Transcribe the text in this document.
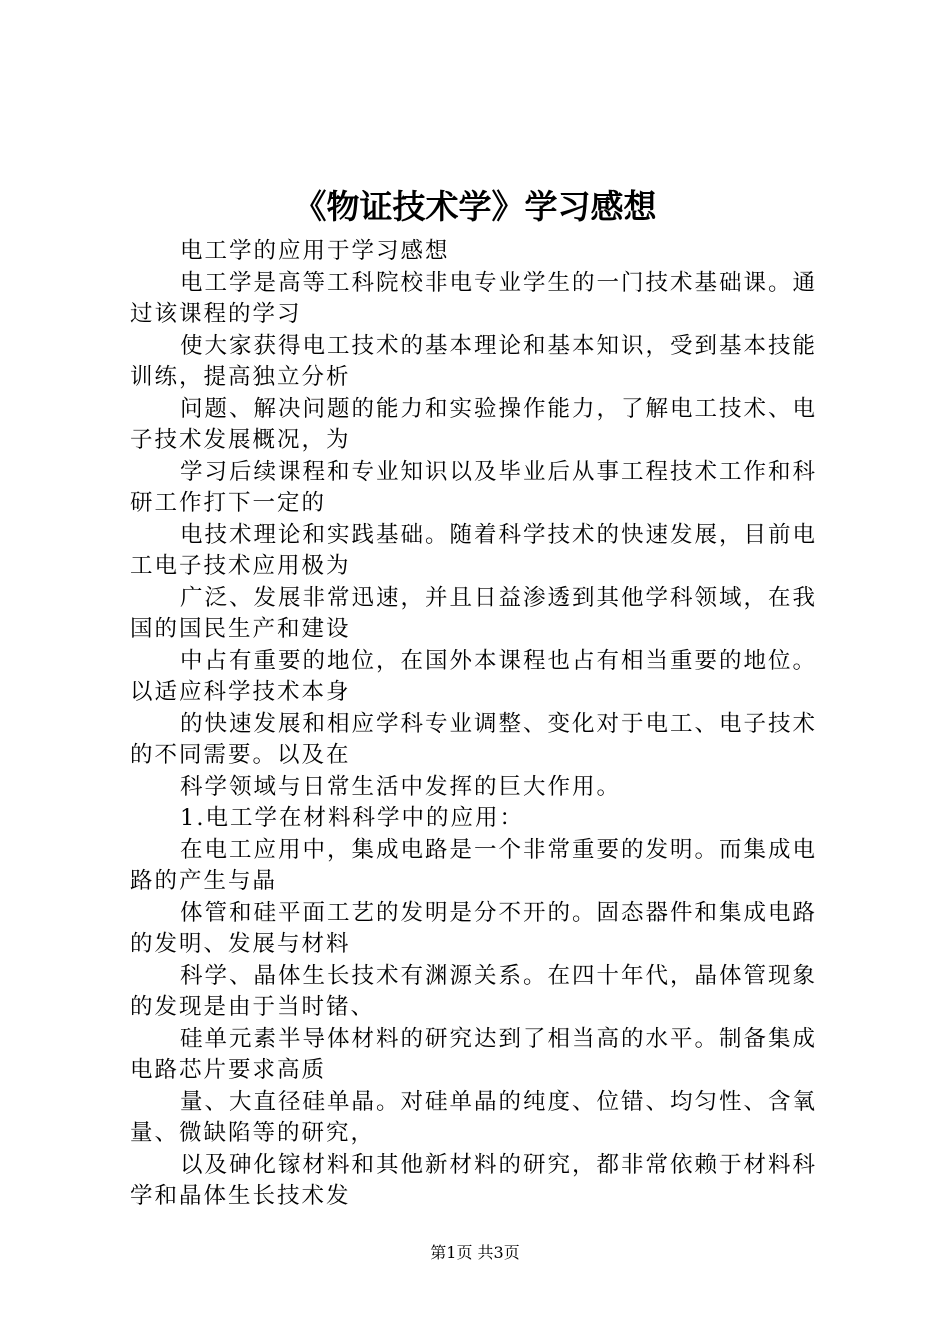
《物证技术学》学习感想

电工学的应用于学习感想

电工学是高等工科院校非电专业学生的一门技术基础课。通过该课程的学习

使大家获得电工技术的基本理论和基本知识，受到基本技能训练，提高独立分析

问题、解决问题的能力和实验操作能力，了解电工技术、电子技术发展概况，为

学习后续课程和专业知识以及毕业后从事工程技术工作和科研工作打下一定的

电技术理论和实践基础。随着科学技术的快速发展，目前电工电子技术应用极为

广泛、发展非常迅速，并且日益渗透到其他学科领域，在我国的国民生产和建设

中占有重要的地位，在国外本课程也占有相当重要的地位。以适应科学技术本身

的快速发展和相应学科专业调整、变化对于电工、电子技术的不同需要。以及在

科学领域与日常生活中发挥的巨大作用。

1.电工学在材料科学中的应用：

在电工应用中，集成电路是一个非常重要的发明。而集成电路的产生与晶

体管和硅平面工艺的发明是分不开的。固态器件和集成电路的发明、发展与材料

科学、晶体生长技术有渊源关系。在四十年代，晶体管现象的发现是由于当时锗、

硅单元素半导体材料的研究达到了相当高的水平。制备集成电路芯片要求高质

量、大直径硅单晶。对硅单晶的纯度、位错、均匀性、含氧量、微缺陷等的研究，

以及砷化镓材料和其他新材料的研究，都非常依赖于材料科学和晶体生长技术发

第1页 共3页
